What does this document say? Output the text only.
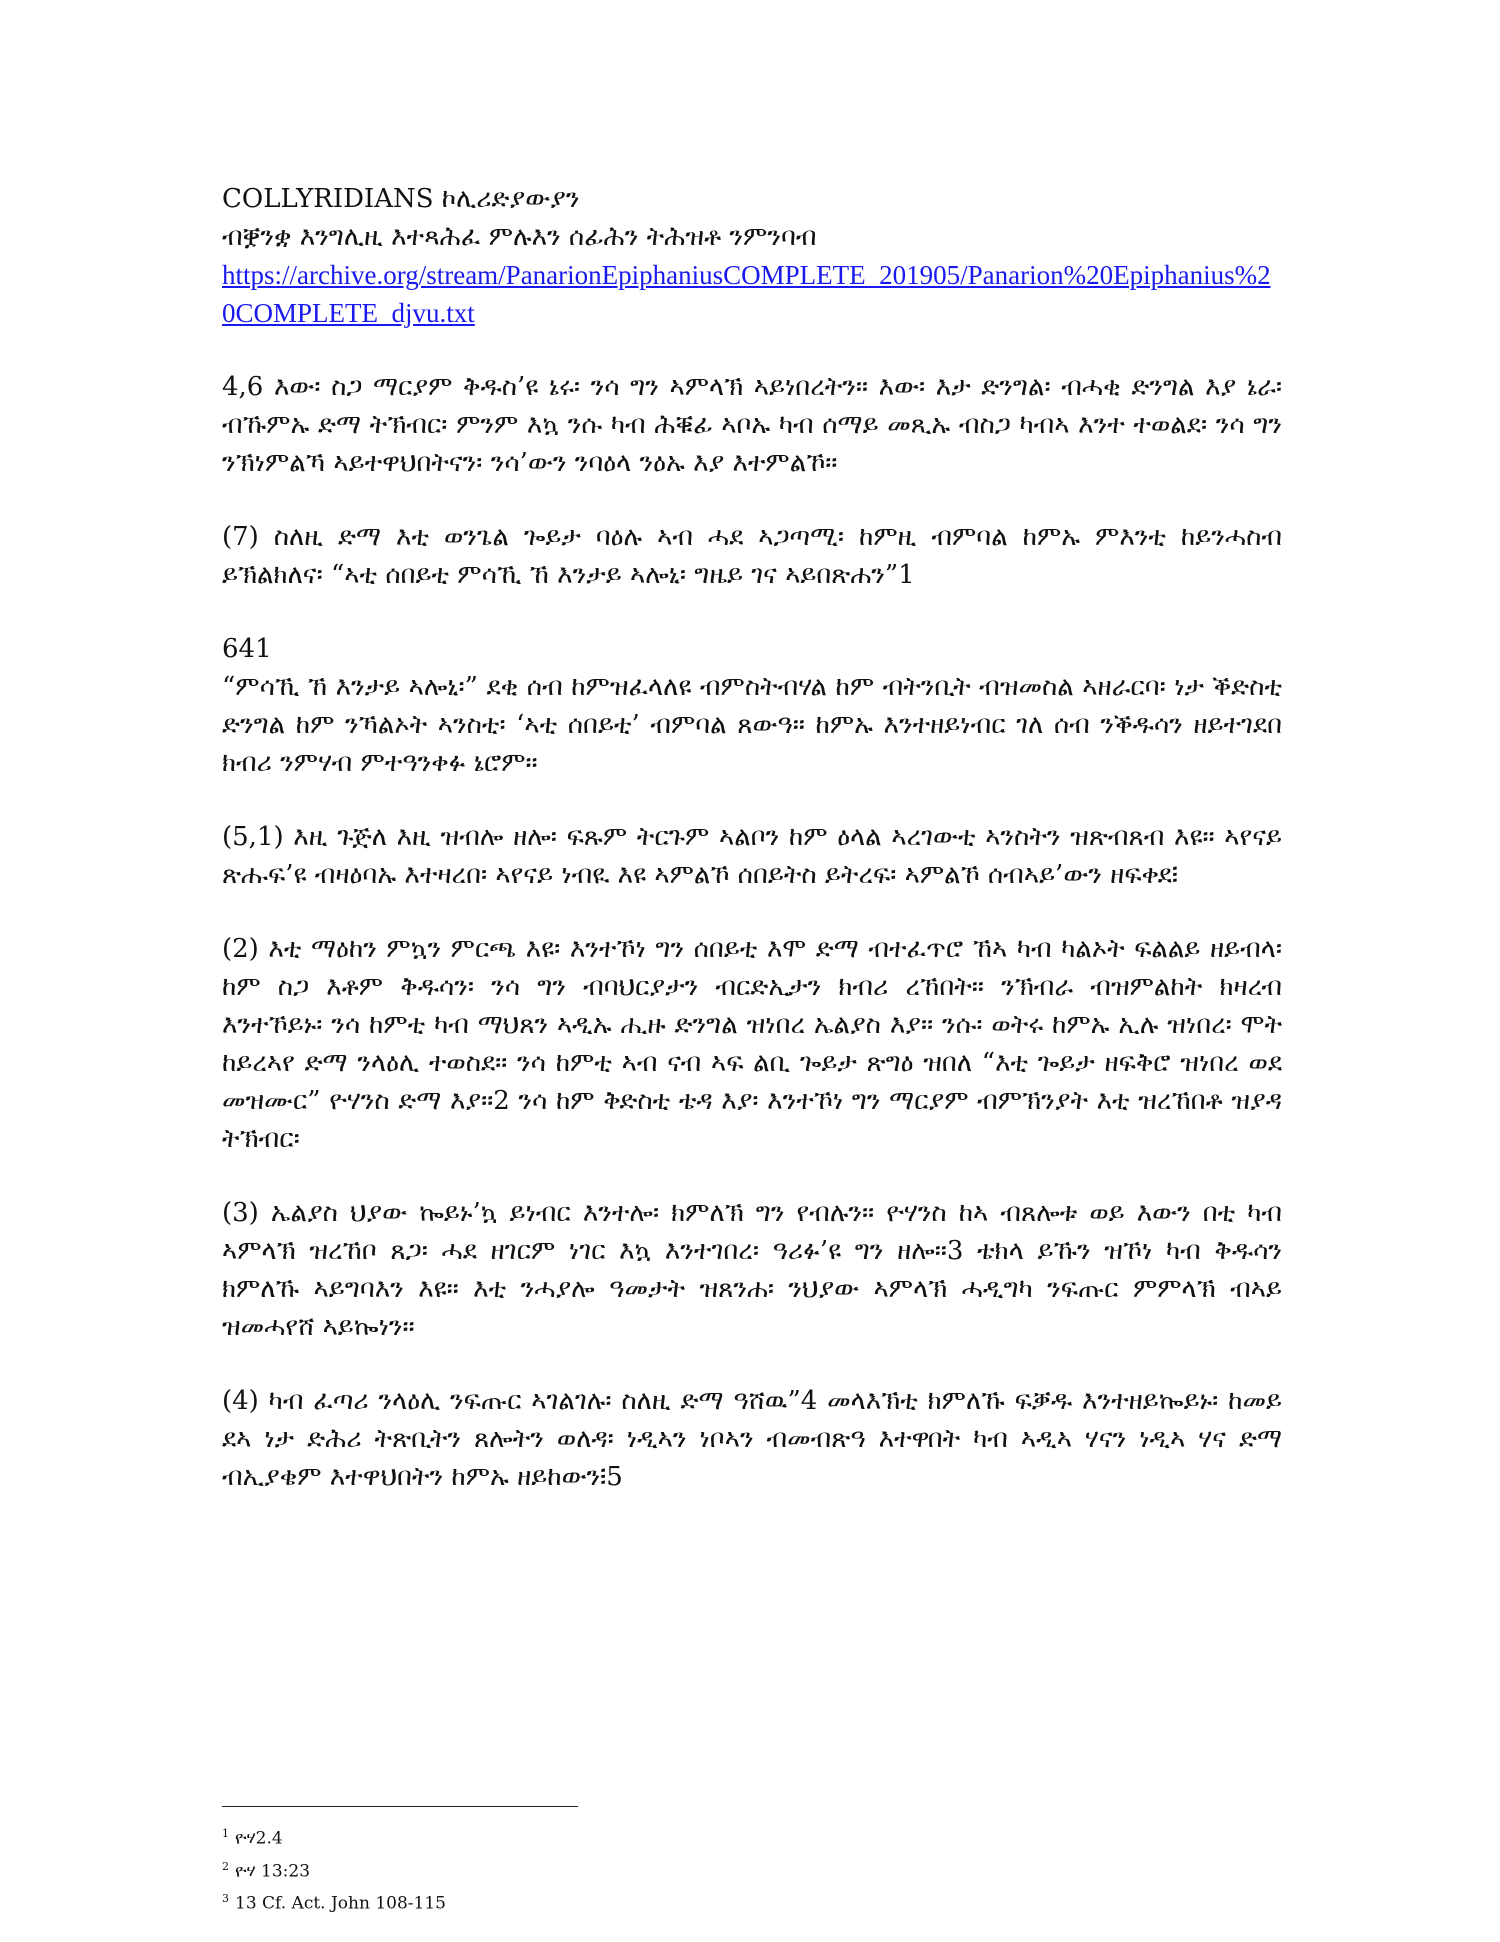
COLLYRIDIANS ኮሊሪድያውያን

ብቛንቋ እንግሊዚ እተጻሕፈ ምሉእን ሰፊሕን ትሕዝቶ ንምንባብ

https://archive.org/stream/PanarionEpiphaniusCOMPLETE_201905/Panarion%20Epiphanius%20COMPLETE_djvu.txt

4,6 እው፡ ስጋ ማርያም ቅዱስ’ዩ ኔሩ፡ ንሳ ግን ኣምላኽ ኣይነበረትን። እው፡ እታ ድንግል፡ ብሓቂ ድንግል እያ ኔራ፡ ብኹምኡ ድማ ትኽብር፡ ምንም እኳ ንሱ ካብ ሕቑፊ ኣቦኡ ካብ ሰማይ መጺኡ ብስጋ ካብኣ እንተ ተወልደ፡ ንሳ ግን ንኽነምልኻ ኣይተዋህበትናን፡ ንሳ’ውን ንባዕላ ንዕኡ እያ እተምልኾ።

(7) ስለዚ ድማ እቲ ወንጌል ጐይታ ባዕሉ ኣብ ሓደ ኣጋጣሚ፡ ከምዚ ብምባል ከምኡ ምእንቲ ከይንሓስብ ይኽልክለና፡ “ኣቲ ሰበይቲ ምሳኺ ኸ እንታይ ኣሎኒ፡ ግዜይ ገና ኣይበጽሐን”1

641

“ምሳኺ ኸ እንታይ ኣሎኒ፡” ደቂ ሰብ ከምዝፈላለዩ ብምስትብሃል ከም ብትንቢት ብዝመስል ኣዘራርባ፡ ነታ ቕድስቲ ድንግል ከም ንኻልኦት ኣንስቲ፡ ‘ኣቲ ሰበይቲ’ ብምባል ጸውዓ። ከምኡ እንተዘይነብር ገለ ሰብ ንቕዱሳን ዘይተገደበ ክብሪ ንምሃብ ምተዓንቀፉ ኔሮም።

(5,1) እዚ ጉጅለ እዚ ዝብሎ ዘሎ፡ ፍጹም ትርጉም ኣልቦን ከም ዕላል ኣረገውቲ ኣንስትን ዝጽብጸብ እዩ። ኣየናይ ጽሑፍ’ዩ ብዛዕባኡ እተዛረበ፡ ኣየናይ ነብዪ እዩ ኣምልኾ ሰበይትስ ይትረፍ፡ ኣምልኾ ሰብኣይ’ውን ዘፍቀደ፧

(2) እቲ ማዕከን ምኳን ምርጫ እዩ፡ እንተኾነ ግን ሰበይቲ እሞ ድማ ብተፈጥሮ ኸኣ ካብ ካልኦት ፍልልይ ዘይብላ፡ ከም ስጋ እቶም ቅዱሳን፡ ንሳ ግን ብባህርያታን ብርድኢታን ክብሪ ረኸበት። ንኽብራ ብዝምልከት ክዛረብ እንተኾይኑ፡ ንሳ ከምቲ ካብ ማህጸን ኣዲኡ ሒዙ ድንግል ዝነበረ ኤልያስ እያ። ንሱ፡ ወትሩ ከምኡ ኢሉ ዝነበረ፡ ሞት ከይረኣየ ድማ ንላዕሊ ተወስደ። ንሳ ከምቲ ኣብ ናብ ኣፍ ልቢ ጐይታ ጽግዕ ዝበለ “እቲ ጐይታ ዘፍቅሮ ዝነበረ ወደ መዝሙር” ዮሃንስ ድማ እያ።2 ንሳ ከም ቅድስቲ ቴዳ እያ፡ እንተኾነ ግን ማርያም ብምኽንያት እቲ ዝረኸበቶ ዝያዳ ትኽብር፡

(3) ኤልያስ ህያው ኰይኑ’ኳ ይነብር እንተሎ፡ ክምለኽ ግን የብሉን። ዮሃንስ ከኣ ብጸሎቱ ወይ እውን በቲ ካብ ኣምላኽ ዝረኸቦ ጸጋ፡ ሓደ ዘገርም ነገር እኳ እንተገበረ፡ ዓሪፉ’ዩ ግን ዘሎ።3 ቴክላ ይኹን ዝኾነ ካብ ቅዱሳን ክምለኹ ኣይግባእን እዩ። እቲ ንሓያሎ ዓመታት ዝጸንሐ፡ ንህያው ኣምላኽ ሓዲግካ ንፍጡር ምምላኽ ብኣይ ዝመሓየሸ ኣይኰነን።

(4) ካብ ፈጣሪ ንላዕሊ ንፍጡር ኣገልገሉ፡ ስለዚ ድማ ዓሸዉ”4 መላእኽቲ ክምለኹ ፍቓዱ እንተዘይኰይኑ፡ ከመይ ደኣ ነታ ድሕሪ ትጽቢትን ጸሎትን ወለዳ፡ ነዲኣን ነቦኣን ብመብጽዓ እተዋበት ካብ ኣዲኣ ሃናን ነዲኣ ሃና ድማ ብኢያቄም እተዋህበትን ከምኡ ዘይከውን፧5

$^1$ ዮሃ2.4
$^2$ ዮሃ 13:23
$^3$ 13 Cf. Act. John 108-115
